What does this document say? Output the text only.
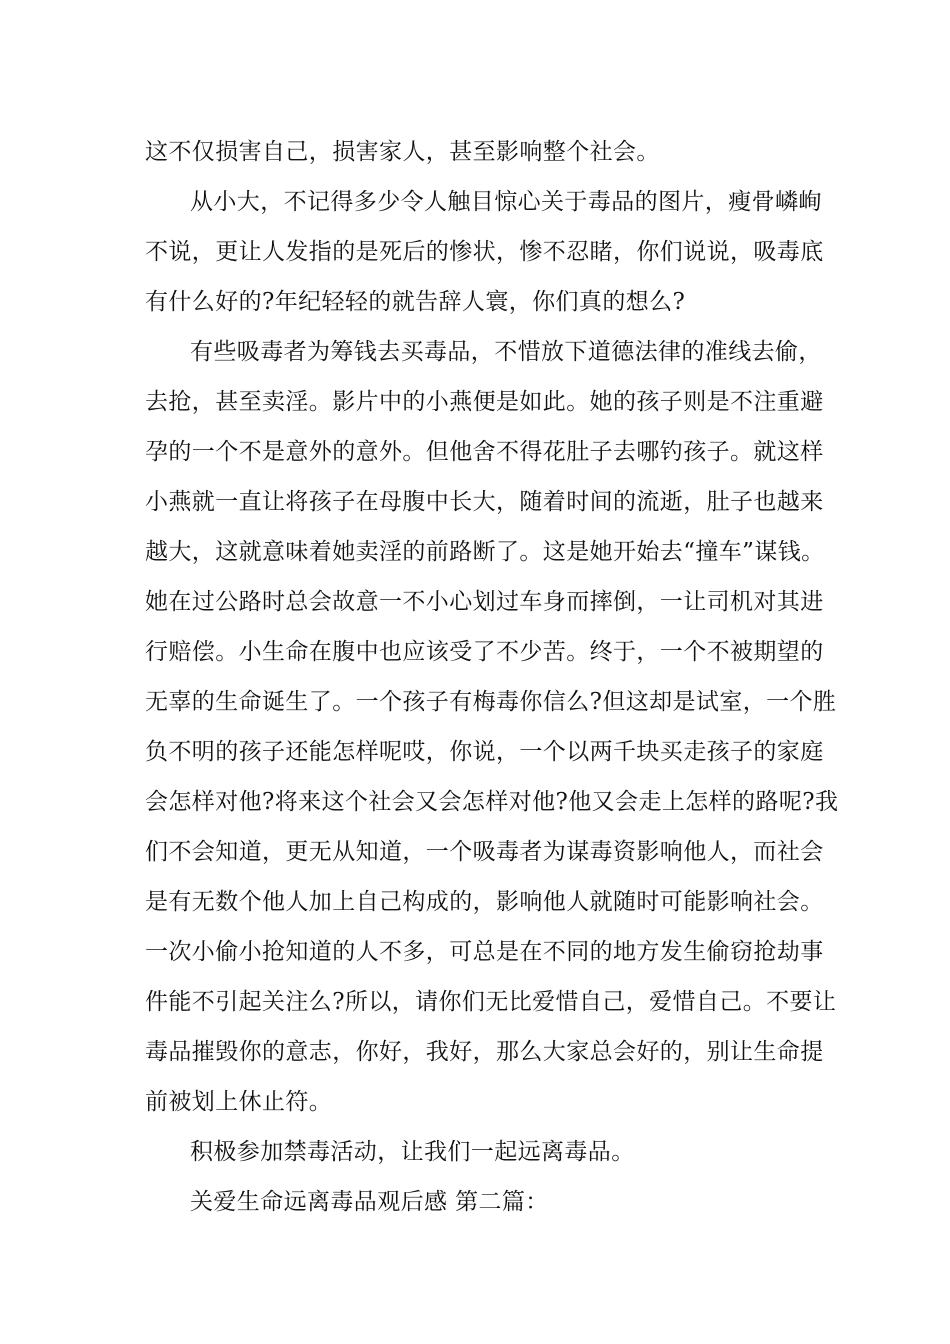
这不仅损害自己，损害家人，甚至影响整个社会。
从小大，不记得多少令人触目惊心关于毒品的图片，瘦骨嶙峋
不说，更让人发指的是死后的惨状，惨不忍睹，你们说说，吸毒底
有什么好的?年纪轻轻的就告辞人寰，你们真的想么?
有些吸毒者为筹钱去买毒品，不惜放下道德法律的准线去偷，
去抢，甚至卖淫。影片中的小燕便是如此。她的孩子则是不注重避
孕的一个不是意外的意外。但他舍不得花肚子去哪钓孩子。就这样
小燕就一直让将孩子在母腹中长大，随着时间的流逝，肚子也越来
越大，这就意味着她卖淫的前路断了。这是她开始去“撞车”谋钱。
她在过公路时总会故意一不小心划过车身而摔倒，一让司机对其进
行赔偿。小生命在腹中也应该受了不少苦。终于，一个不被期望的
无辜的生命诞生了。一个孩子有梅毒你信么?但这却是试室，一个胜
负不明的孩子还能怎样呢哎，你说，一个以两千块买走孩子的家庭
会怎样对他?将来这个社会又会怎样对他?他又会走上怎样的路呢?我
们不会知道，更无从知道，一个吸毒者为谋毒资影响他人，而社会
是有无数个他人加上自己构成的，影响他人就随时可能影响社会。
一次小偷小抢知道的人不多，可总是在不同的地方发生偷窃抢劫事
件能不引起关注么?所以，请你们无比爱惜自己，爱惜自己。不要让
毒品摧毁你的意志，你好，我好，那么大家总会好的，别让生命提
前被划上休止符。
积极参加禁毒活动，让我们一起远离毒品。
关爱生命远离毒品观后感 第二篇：
